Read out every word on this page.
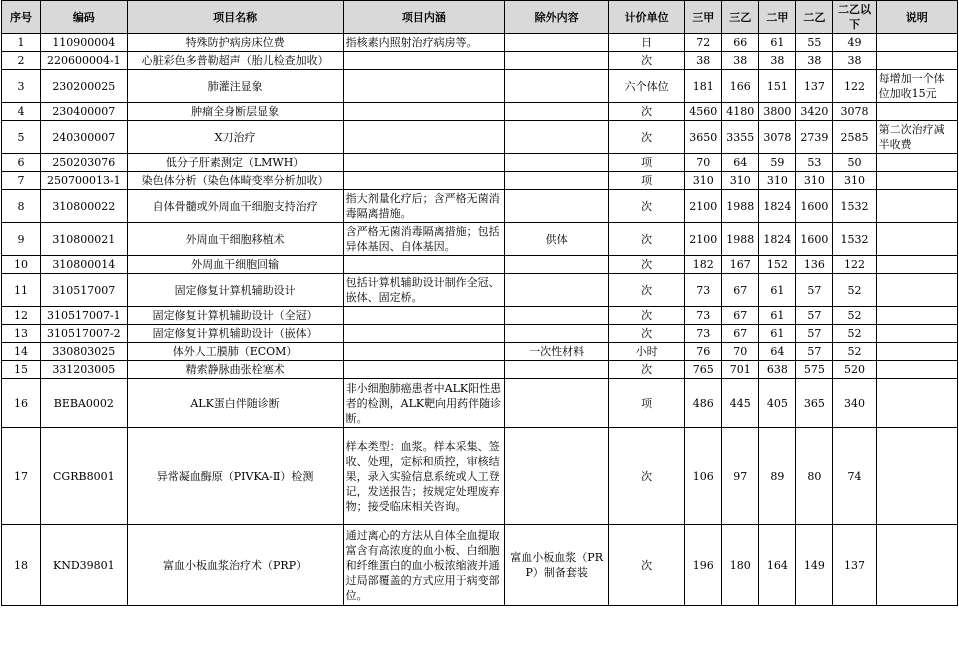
序号	编码	项目名称	项目内涵	除外内容	计价单位	三甲	三乙	二甲	二乙	二乙以下	说明
1	110900004	特殊防护病房床位费	指核素内照射治疗病房等。		日	72	66	61	55	49	
2	220600004-1	心脏彩色多普勒超声（胎儿检查加收）			次	38	38	38	38	38	
3	230200025	肺灌注显象			六个体位	181	166	151	137	122	每增加一个体位加收15元
4	230400007	肿瘤全身断层显象			次	4560	4180	3800	3420	3078	
5	240300007	X刀治疗			次	3650	3355	3078	2739	2585	第二次治疗减半收费
6	250203076	低分子肝素测定（LMWH）			项	70	64	59	53	50	
7	250700013-1	染色体分析（染色体畸变率分析加收）			项	310	310	310	310	310	
8	310800022	自体骨髓或外周血干细胞支持治疗	指大剂量化疗后；含严格无菌消毒隔离措施。		次	2100	1988	1824	1600	1532	
9	310800021	外周血干细胞移植术	含严格无菌消毒隔离措施；包括异体基因、自体基因。	供体	次	2100	1988	1824	1600	1532	
10	310800014	外周血干细胞回输			次	182	167	152	136	122	
11	310517007	固定修复计算机辅助设计	包括计算机辅助设计制作全冠、嵌体、固定桥。		次	73	67	61	57	52	
12	310517007-1	固定修复计算机辅助设计（全冠）			次	73	67	61	57	52	
13	310517007-2	固定修复计算机辅助设计（嵌体）			次	73	67	61	57	52	
14	330803025	体外人工膜肺（ECOM）		一次性材料	小时	76	70	64	57	52	
15	331203005	精索静脉曲张栓塞术			次	765	701	638	575	520	
16	BEBA0002	ALK蛋白伴随诊断	非小细胞肺癌患者中ALK阳性患者的检测，ALK靶向用药伴随诊断。		项	486	445	405	365	340	
17	CGRB8001	异常凝血酶原（PIVKA-Ⅱ）检测	样本类型：血浆。样本采集、签收、处理，定标和质控，审核结果，录入实验信息系统或人工登记，发送报告；按规定处理废弃物；接受临床相关咨询。		次	106	97	89	80	74	
18	KND39801	富血小板血浆治疗术（PRP）	通过离心的方法从自体全血提取富含有高浓度的血小板、白细胞和纤维蛋白的血小板浓缩液并通过局部覆盖的方式应用于病变部位。	富血小板血浆（PRP）制备套装	次	196	180	164	149	137	
